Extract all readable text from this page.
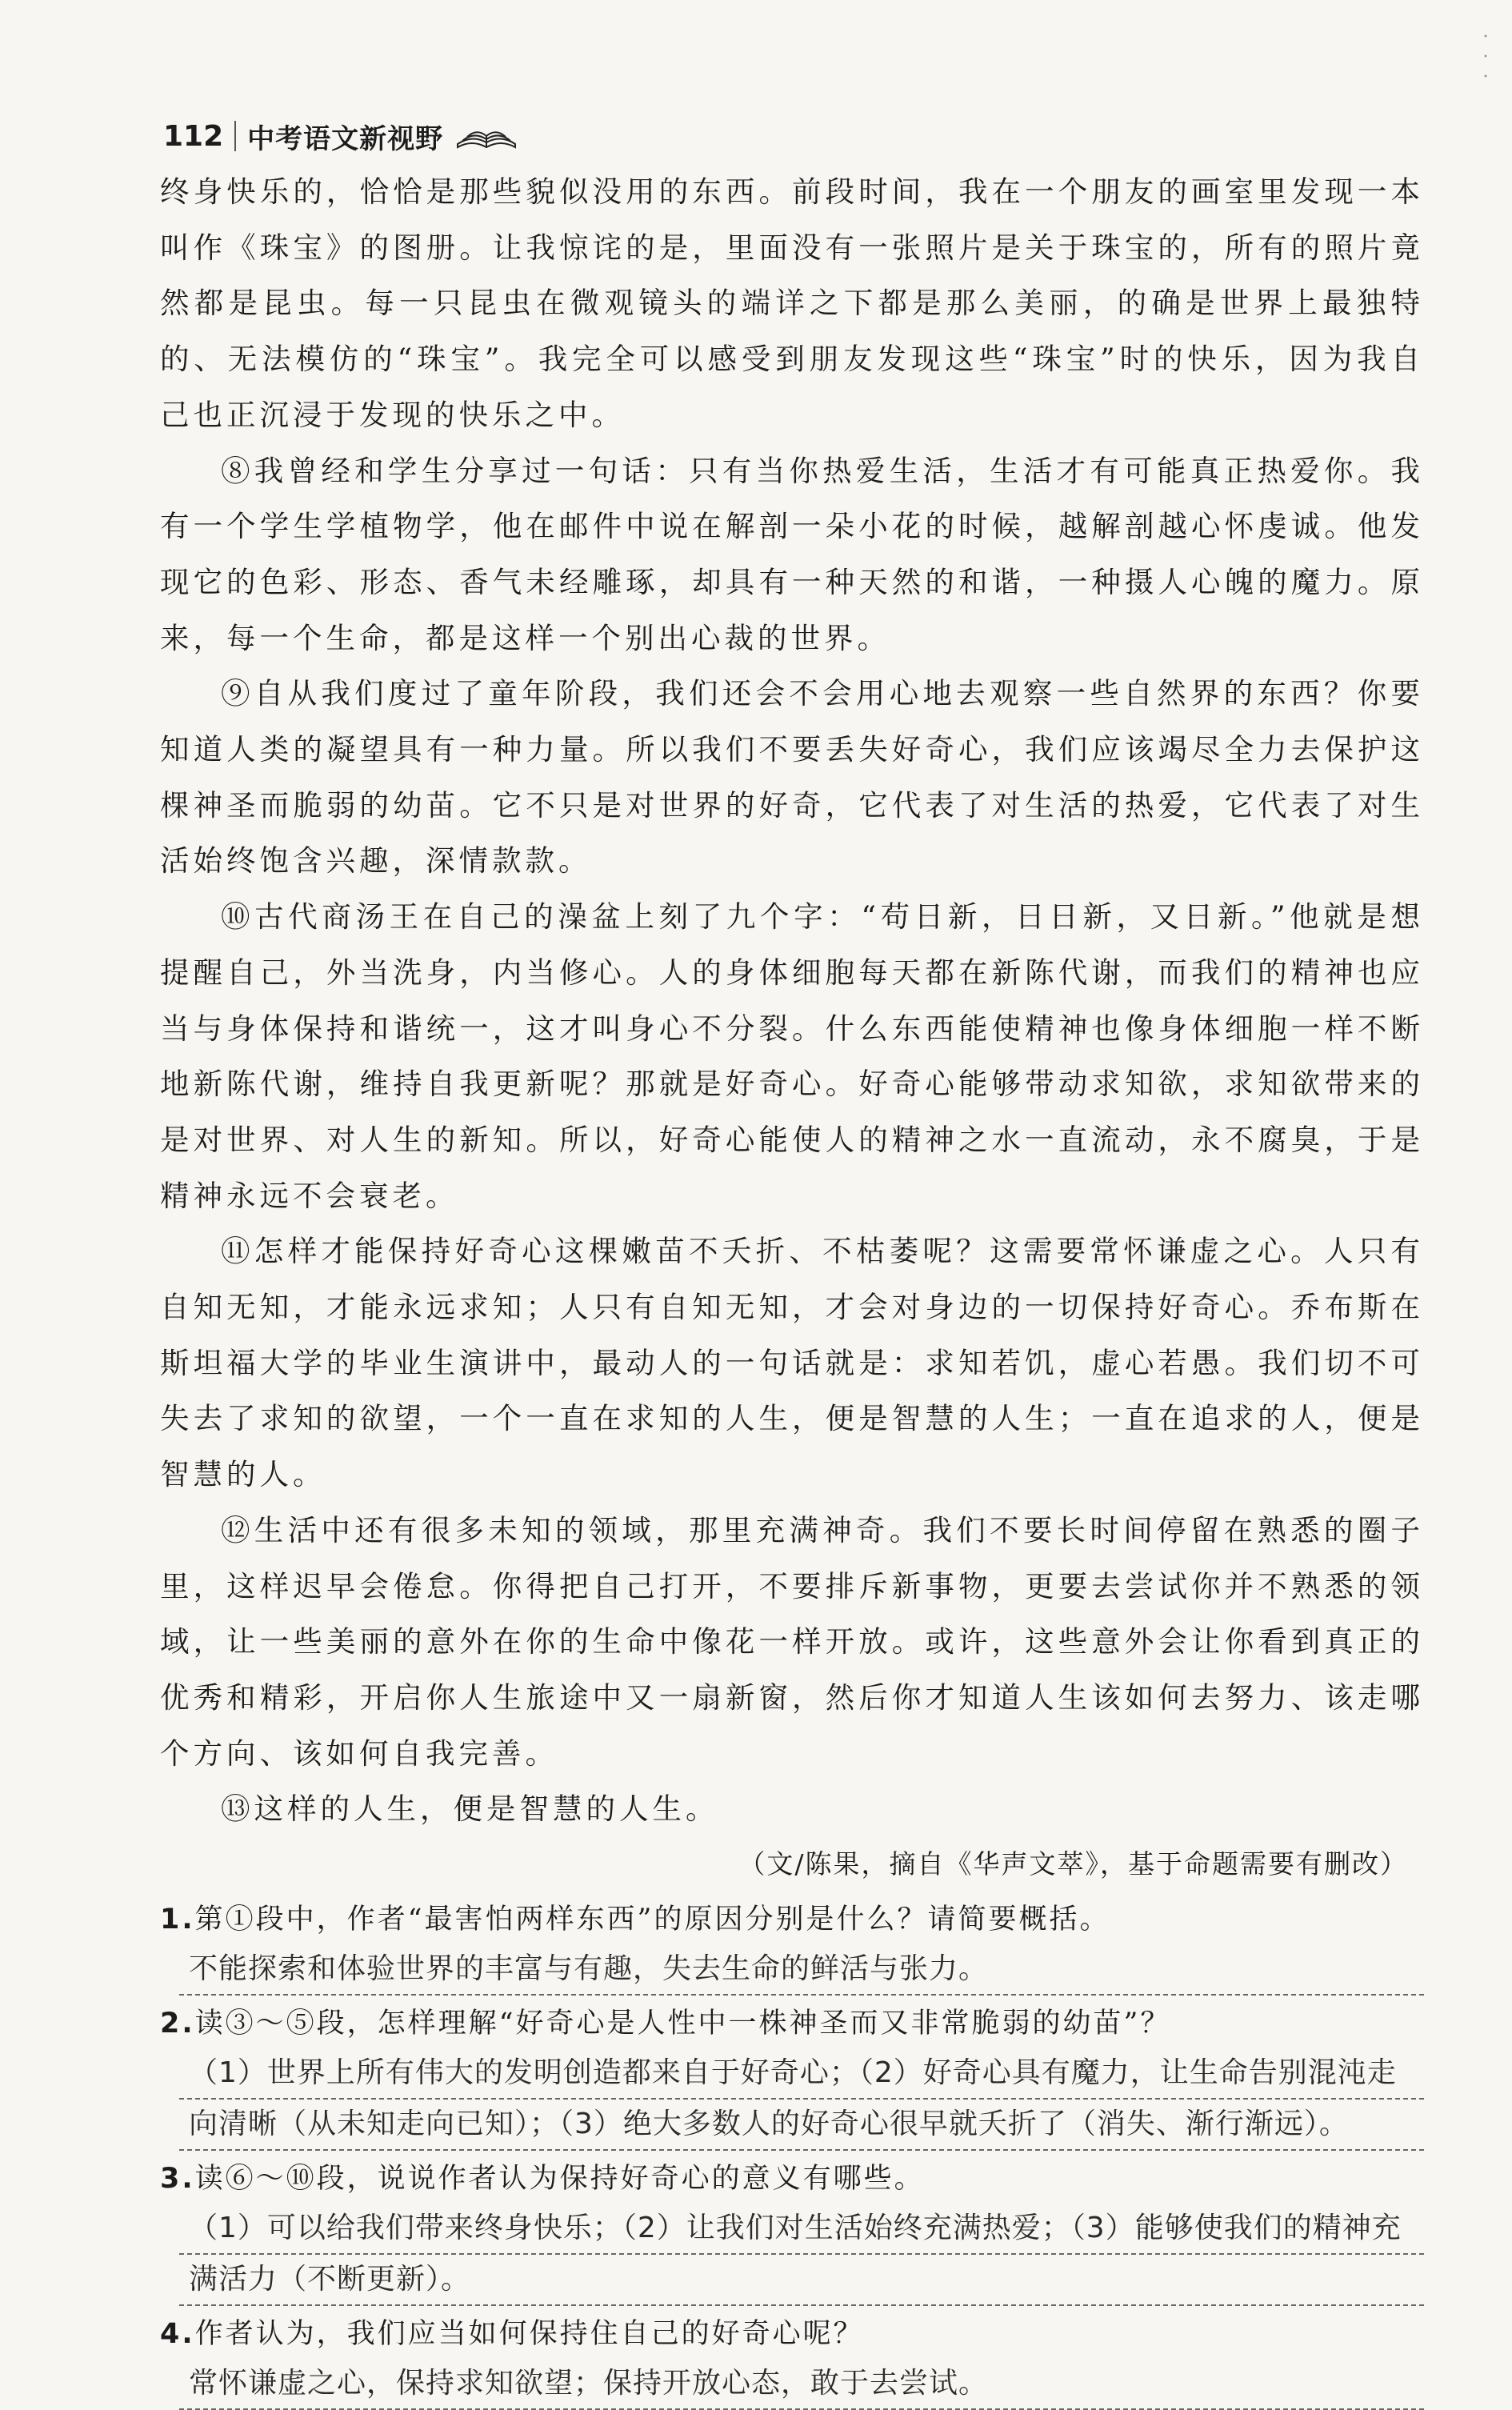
112 中考语文新视野

终身快乐的，恰恰是那些貌似没用的东西。前段时间，我在一个朋友的画室里发现一本叫作《珠宝》的图册。让我惊诧的是，里面没有一张照片是关于珠宝的，所有的照片竟然都是昆虫。每一只昆虫在微观镜头的端详之下都是那么美丽，的确是世界上最独特的、无法模仿的“珠宝”。我完全可以感受到朋友发现这些“珠宝”时的快乐，因为我自己也正沉浸于发现的快乐之中。

⑧我曾经和学生分享过一句话：只有当你热爱生活，生活才有可能真正热爱你。我有一个学生学植物学，他在邮件中说在解剖一朵小花的时候，越解剖越心怀虔诚。他发现它的色彩、形态、香气未经雕琢，却具有一种天然的和谐，一种摄人心魄的魔力。原来，每一个生命，都是这样一个别出心裁的世界。

⑨自从我们度过了童年阶段，我们还会不会用心地去观察一些自然界的东西？你要知道人类的凝望具有一种力量。所以我们不要丢失好奇心，我们应该竭尽全力去保护这棵神圣而脆弱的幼苗。它不只是对世界的好奇，它代表了对生活的热爱，它代表了对生活始终饱含兴趣，深情款款。

⑩古代商汤王在自己的澡盆上刻了九个字：“苟日新，日日新，又日新。”他就是想提醒自己，外当洗身，内当修心。人的身体细胞每天都在新陈代谢，而我们的精神也应当与身体保持和谐统一，这才叫身心不分裂。什么东西能使精神也像身体细胞一样不断地新陈代谢，维持自我更新呢？那就是好奇心。好奇心能够带动求知欲，求知欲带来的是对世界、对人生的新知。所以，好奇心能使人的精神之水一直流动，永不腐臭，于是精神永远不会衰老。

⑪怎样才能保持好奇心这棵嫩苗不夭折、不枯萎呢？这需要常怀谦虚之心。人只有自知无知，才能永远求知；人只有自知无知，才会对身边的一切保持好奇心。乔布斯在斯坦福大学的毕业生演讲中，最动人的一句话就是：求知若饥，虚心若愚。我们切不可失去了求知的欲望，一个一直在求知的人生，便是智慧的人生；一直在追求的人，便是智慧的人。

⑫生活中还有很多未知的领域，那里充满神奇。我们不要长时间停留在熟悉的圈子里，这样迟早会倦怠。你得把自己打开，不要排斥新事物，更要去尝试你并不熟悉的领域，让一些美丽的意外在你的生命中像花一样开放。或许，这些意外会让你看到真正的优秀和精彩，开启你人生旅途中又一扇新窗，然后你才知道人生该如何去努力、该走哪个方向、该如何自我完善。

⑬这样的人生，便是智慧的人生。

（文/陈果，摘自《华声文萃》，基于命题需要有删改）

1.第①段中，作者“最害怕两样东西”的原因分别是什么？请简要概括。

不能探索和体验世界的丰富与有趣，失去生命的鲜活与张力。

2.读③～⑤段，怎样理解“好奇心是人性中一株神圣而又非常脆弱的幼苗”？

（1）世界上所有伟大的发明创造都来自于好奇心；（2）好奇心具有魔力，让生命告别混沌走
向清晰（从未知走向已知）；（3）绝大多数人的好奇心很早就夭折了（消失、渐行渐远）。

3.读⑥～⑩段，说说作者认为保持好奇心的意义有哪些。

（1）可以给我们带来终身快乐；（2）让我们对生活始终充满热爱；（3）能够使我们的精神充
满活力（不断更新）。

4.作者认为，我们应当如何保持住自己的好奇心呢？

常怀谦虚之心，保持求知欲望；保持开放心态，敢于去尝试。
